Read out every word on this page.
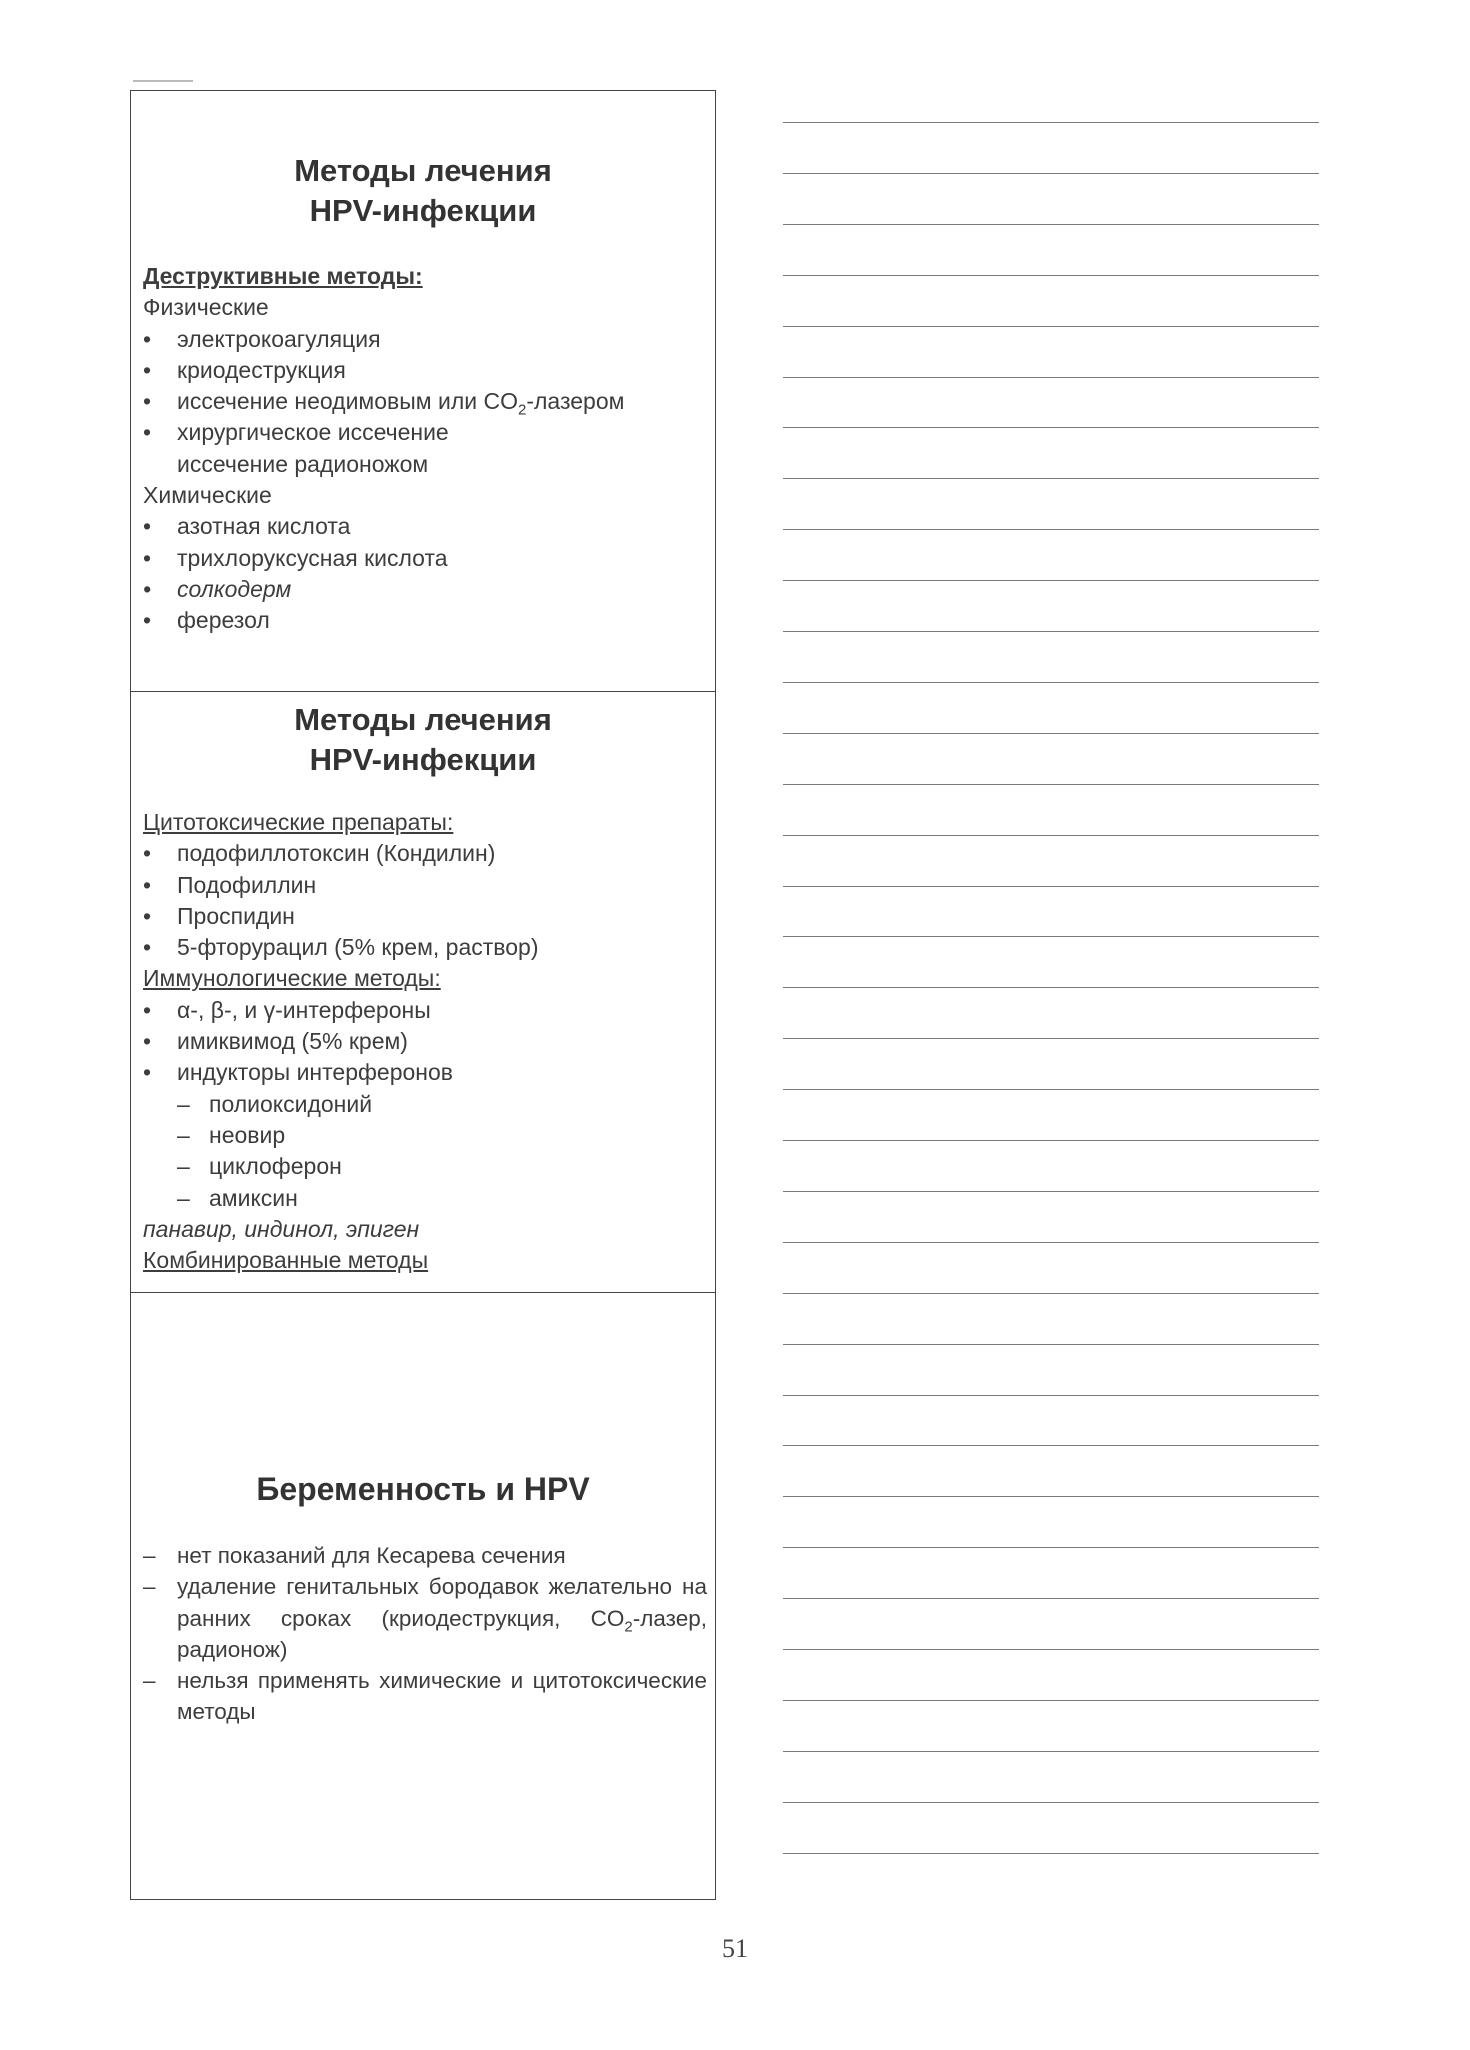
Методы лечения

HPV-инфекции

Деструктивные методы:
Физические
• электрокоагуляция
• криодеструкция
• иссечение неодимовым или $CO_2$-лазером
• хирургическое иссечение
иссечение радионожом
Химические
• азотная кислота
• трихлоруксусная кислота
• солкодерм
• ферезол

Методы лечения

HPV-инфекции

Цитотоксические препараты:
• подофиллотоксин (Кондилин)
• Подофиллин
• Проспидин
• 5-фторурацил (5% крем, раствор)
Иммунологические методы:
• α-, β-, и γ-интерфероны
• имиквимод (5% крем)
• индукторы интерферонов
– полиоксидоний
– неовир
– циклоферон
– амиксин
панавир, индинол, эпиген
Комбинированные методы

Беременность и HPV

– нет показаний для Кесарева сечения
– удаление генитальных бородавок желательно на ранних сроках (криодеструкция, $CO_2$-лазер, радионож)
– нельзя применять химические и цитотоксические методы
51
